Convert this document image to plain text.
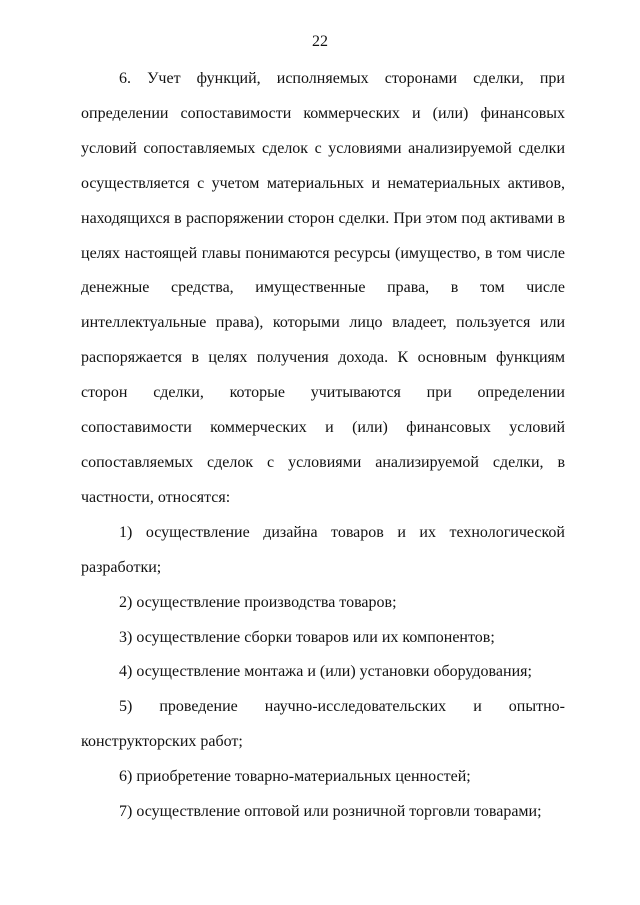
22

6. Учет функций, исполняемых сторонами сделки, при определении сопоставимости коммерческих и (или) финансовых условий сопоставляемых сделок с условиями анализируемой сделки осуществляется с учетом материальных и нематериальных активов, находящихся в распоряжении сторон сделки. При этом под активами в целях настоящей главы понимаются ресурсы (имущество, в том числе денежные средства, имущественные права, в том числе интеллектуальные права), которыми лицо владеет, пользуется или распоряжается в целях получения дохода. К основным функциям сторон сделки, которые учитываются при определении сопоставимости коммерческих и (или) финансовых условий сопоставляемых сделок с условиями анализируемой сделки, в частности, относятся:

1) осуществление дизайна товаров и их технологической разработки;

2) осуществление производства товаров;

3) осуществление сборки товаров или их компонентов;

4) осуществление монтажа и (или) установки оборудования;

5) проведение научно-исследовательских и опытно-конструкторских работ;

6) приобретение товарно-материальных ценностей;

7) осуществление оптовой или розничной торговли товарами;
